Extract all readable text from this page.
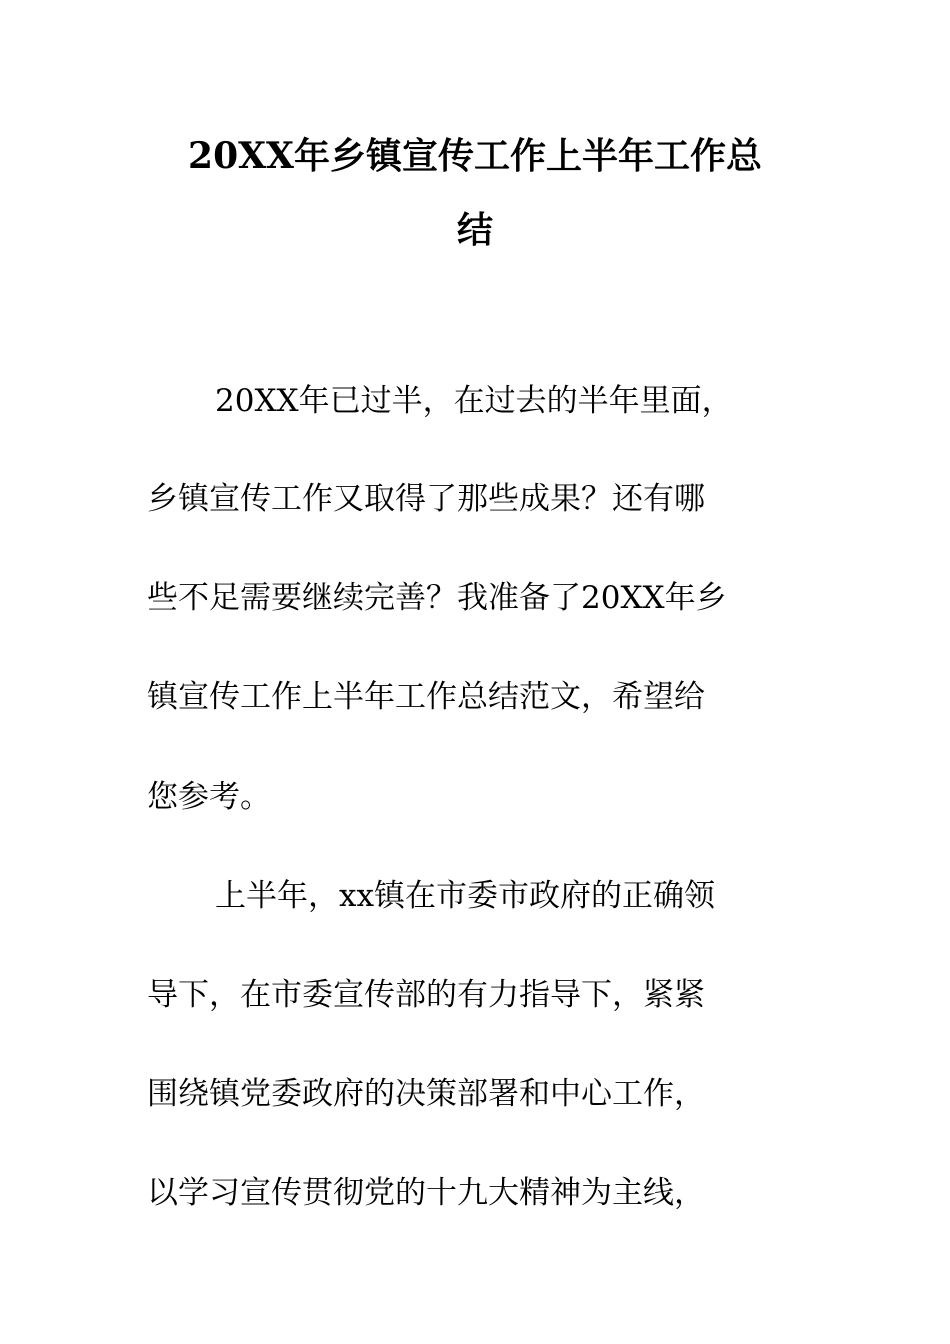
20XX年乡镇宣传工作上半年工作总
结
20XX年已过半，在过去的半年里面，
乡镇宣传工作又取得了那些成果？还有哪
些不足需要继续完善？我准备了20XX年乡
镇宣传工作上半年工作总结范文，希望给
您参考。
上半年，xx镇在市委市政府的正确领
导下，在市委宣传部的有力指导下，紧紧
围绕镇党委政府的决策部署和中心工作，
以学习宣传贯彻党的十九大精神为主线，
